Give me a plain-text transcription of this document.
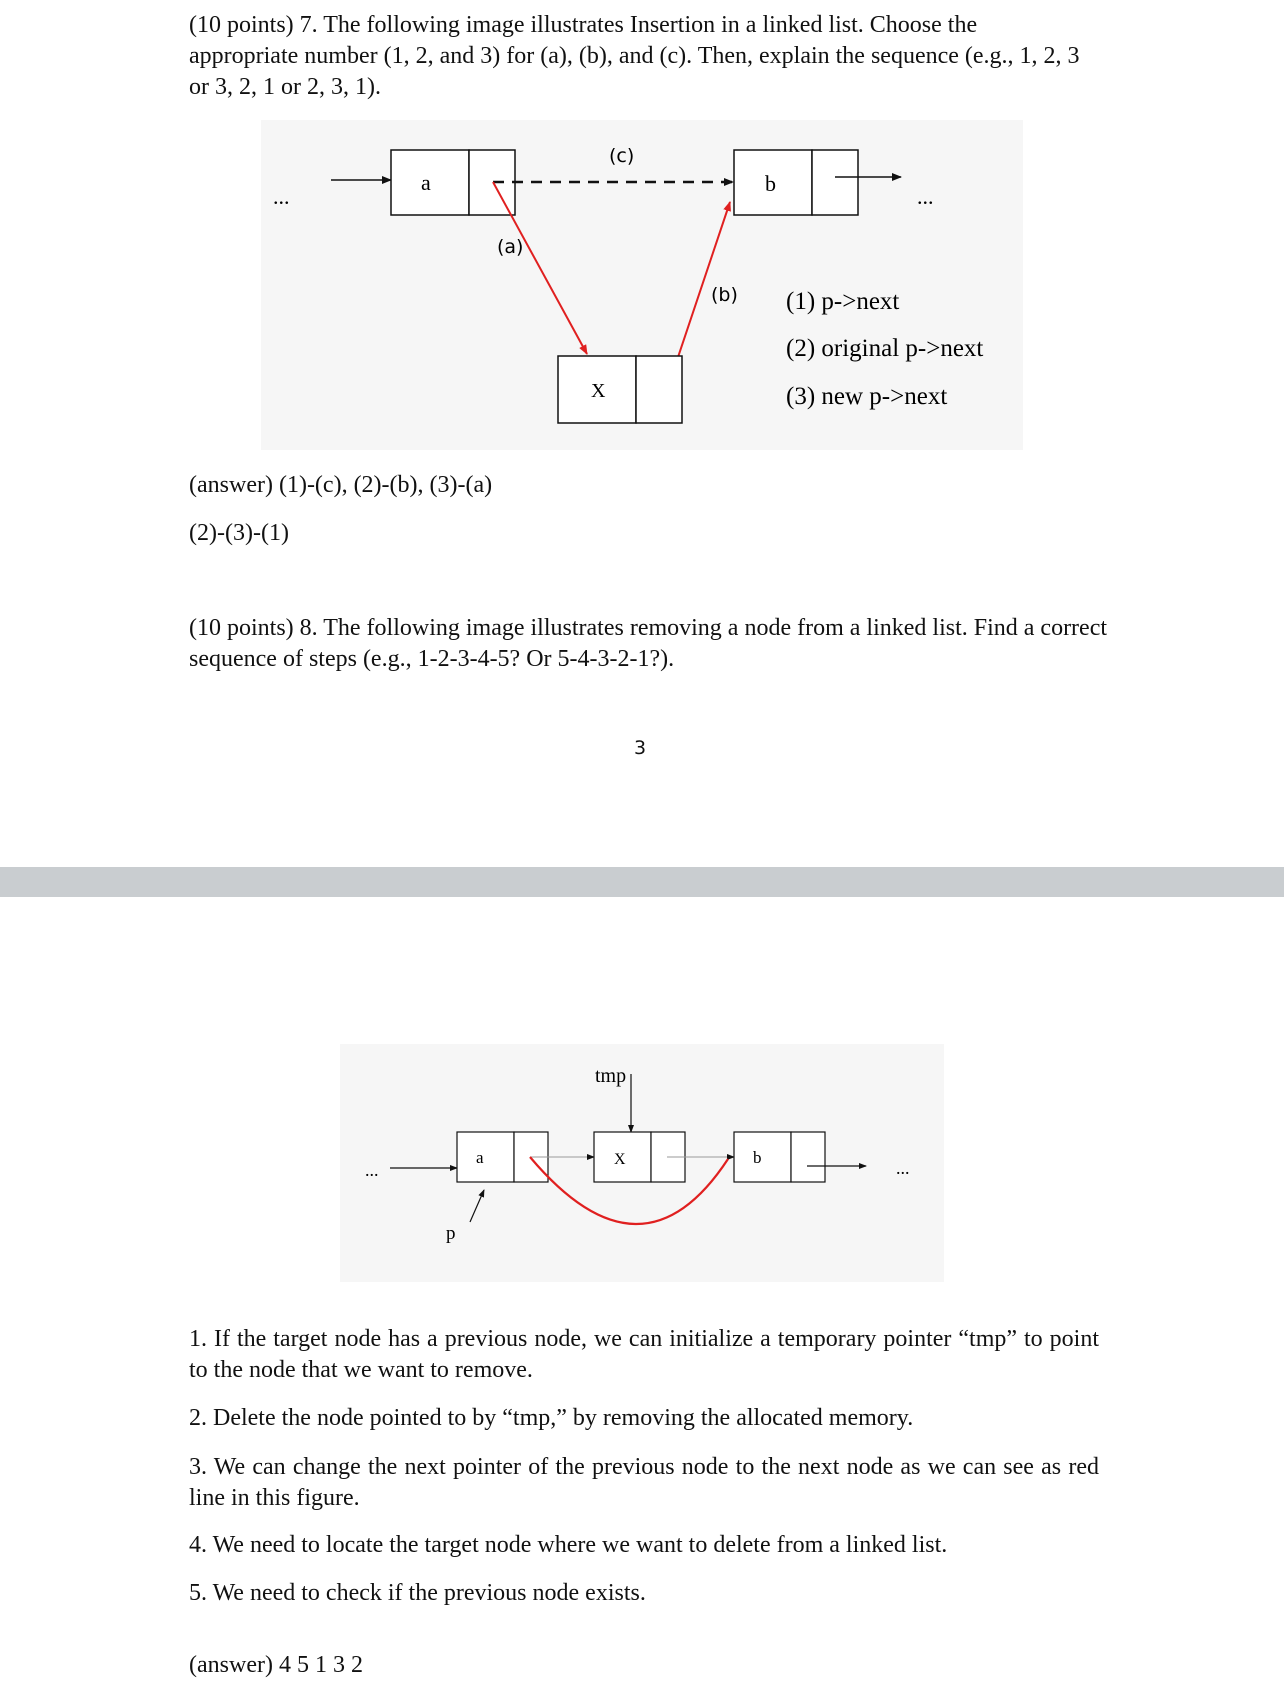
(10 points) 7. The following image illustrates Insertion in a linked list. Choose the appropriate number (1, 2, and 3) for (a), (b), and (c). Then, explain the sequence (e.g., 1, 2, 3 or 3, 2, 1 or 2, 3, 1).

...	...
a
(c)
b
(a)
(b)
X
(1) p->next
(2) original p->next
(3) new p->next

(answer) (1)-(c), (2)-(b), (3)-(a)

(2)-(3)-(1)

(10 points) 8. The following image illustrates removing a node from a linked list. Find a correct sequence of steps (e.g., 1-2-3-4-5? Or 5-4-3-2-1?).

3
...	...
a
tmp
X	b
p

1. If the target node has a previous node, we can initialize a temporary pointer “tmp” to point to the node that we want to remove.

2. Delete the node pointed to by “tmp,” by removing the allocated memory.

3. We can change the next pointer of the previous node to the next node as we can see as red line in this figure.

4. We need to locate the target node where we want to delete from a linked list.

5. We need to check if the previous node exists.

(answer) 4 5 1 3 2
